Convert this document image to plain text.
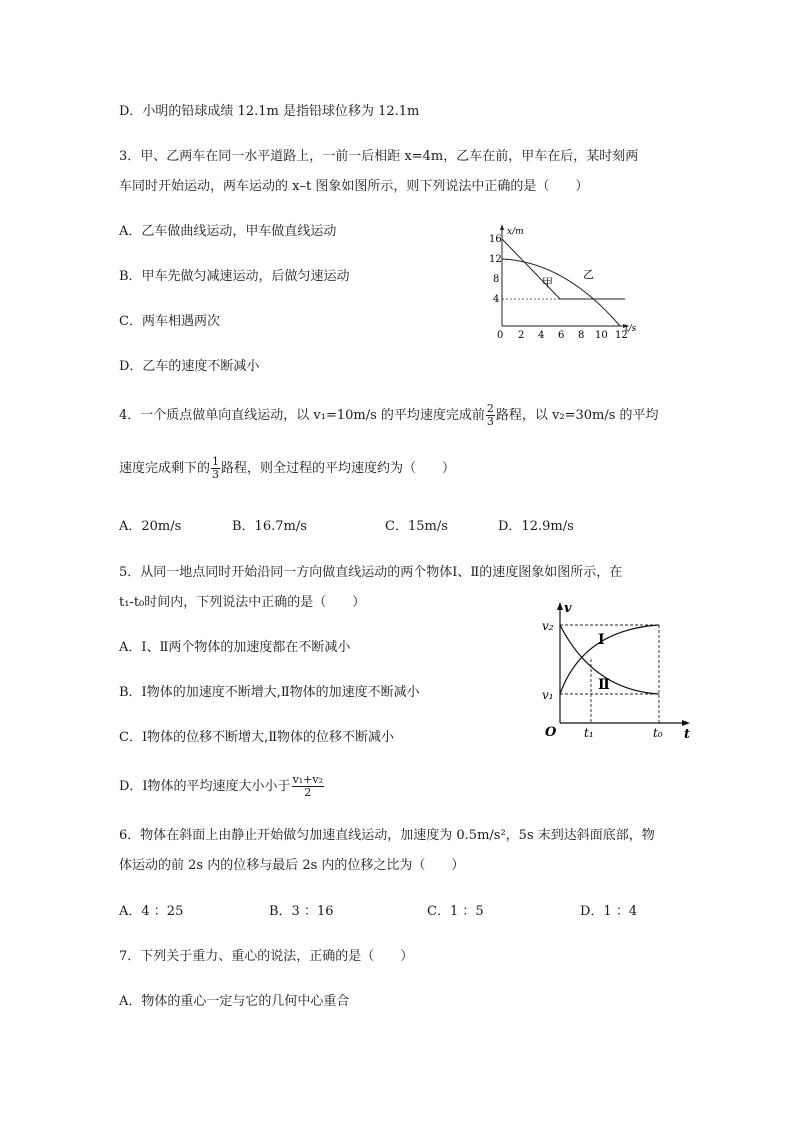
D．小明的铅球成绩 12.1m 是指铅球位移为 12.1m
3．甲、乙两车在同一水平道路上，一前一后相距 x=4m，乙车在前，甲车在后，某时刻两
车同时开始运动，两车运动的 x–t 图象如图所示，则下列说法中正确的是（　　）
A．乙车做曲线运动，甲车做直线运动
B．甲车先做匀减速运动，后做匀速运动
C．两车相遇两次
D．乙车的速度不断减小
x/m
t/s
16
12
8
4
0 2 4 6 8 10 12
甲
乙
4．一个质点做单向直线运动，以 v₁=10m/s 的平均速度完成前 $\frac{2}{3}$ 路程，以 v₂=30m/s 的平均
速度完成剩下的 $\frac{1}{3}$ 路程，则全过程的平均速度约为（　　）
A．20m/s	B．16.7m/s	C．15m/s	D．12.9m/s
5．从同一地点同时开始沿同一方向做直线运动的两个物体Ⅰ、Ⅱ的速度图象如图所示，在
t₁-t₀时间内，下列说法中正确的是（　　）
A．Ⅰ、Ⅱ两个物体的加速度都在不断减小
B．Ⅰ物体的加速度不断增大,Ⅱ物体的加速度不断减小
C．Ⅰ物体的位移不断增大,Ⅱ物体的位移不断减小
D．Ⅰ物体的平均速度大小小于 $\frac{\text{v₁+v₂}}{2}$
v
t
O
v₂
v₁
t₁	t₀
Ⅰ
Ⅱ
6．物体在斜面上由静止开始做匀加速直线运动，加速度为 0.5m/s²，5s 末到达斜面底部，物
体运动的前 2s 内的位移与最后 2s 内的位移之比为（　　）
A．4 ：25	B．3 ：16	C．1 ：5	D．1 ：4
7．下列关于重力、重心的说法，正确的是（　　）
A．物体的重心一定与它的几何中心重合
